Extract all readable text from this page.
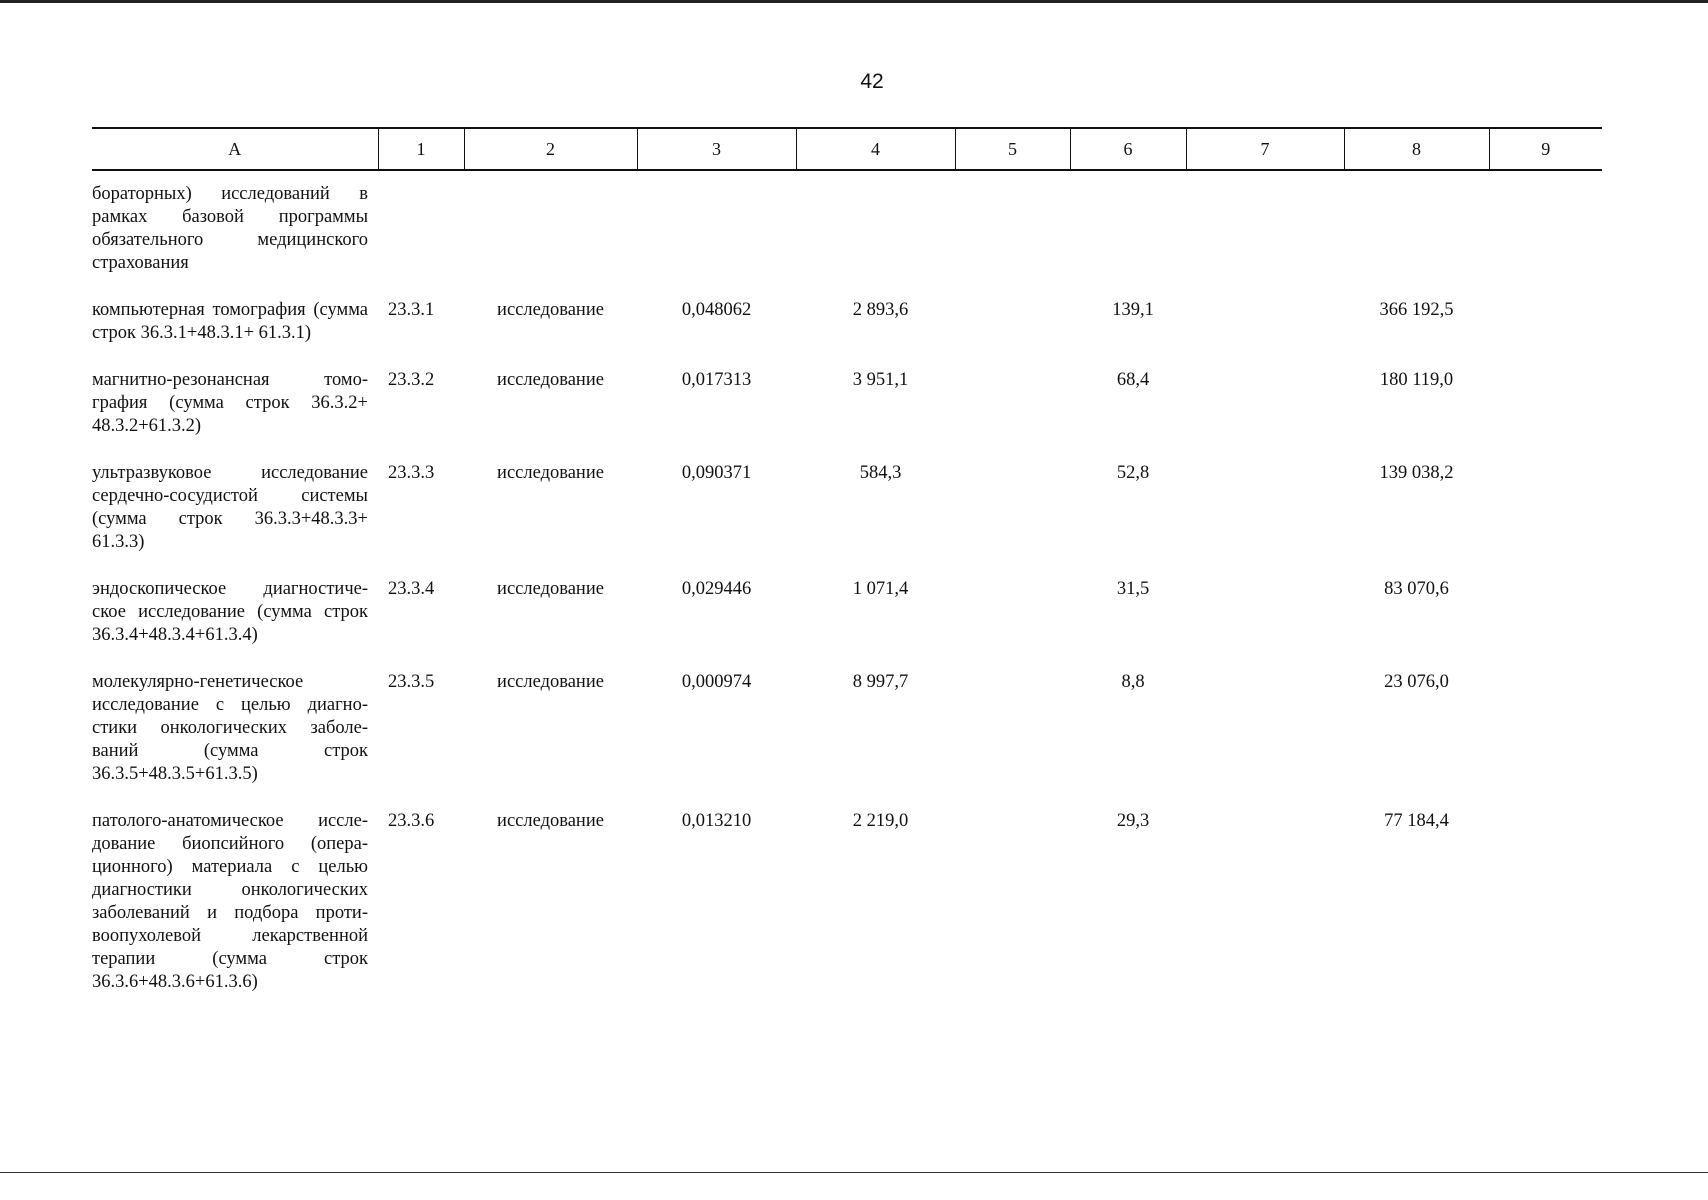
42
А	1	2	3	4	5	6	7	8	9
бораторных) исследований в рамках базовой программы обязательного медицинского страхования									
компьютерная томография (сумма строк 36.3.1+48.3.1+ 61.3.1)	23.3.1	исследование	0,048062	2 893,6		139,1		366 192,5	
магнитно-резонансная томо-графия (сумма строк 36.3.2+ 48.3.2+61.3.2)	23.3.2	исследование	0,017313	3 951,1		68,4		180 119,0	
ультразвуковое исследование сердечно-сосудистой системы (сумма строк 36.3.3+48.3.3+ 61.3.3)	23.3.3	исследование	0,090371	584,3		52,8		139 038,2	
эндоскопическое диагностиче-ское исследование (сумма строк 36.3.4+48.3.4+61.3.4)	23.3.4	исследование	0,029446	1 071,4		31,5		83 070,6	
молекулярно-генетическое исследование с целью диагно-стики онкологических заболе-ваний (сумма строк 36.3.5+48.3.5+61.3.5)	23.3.5	исследование	0,000974	8 997,7		8,8		23 076,0	
патолого-анатомическое иссле-дование биопсийного (опера-ционного) материала с целью диагностики онкологических заболеваний и подбора проти-воопухолевой лекарственной терапии (сумма строк 36.3.6+48.3.6+61.3.6)	23.3.6	исследование	0,013210	2 219,0		29,3		77 184,4	
